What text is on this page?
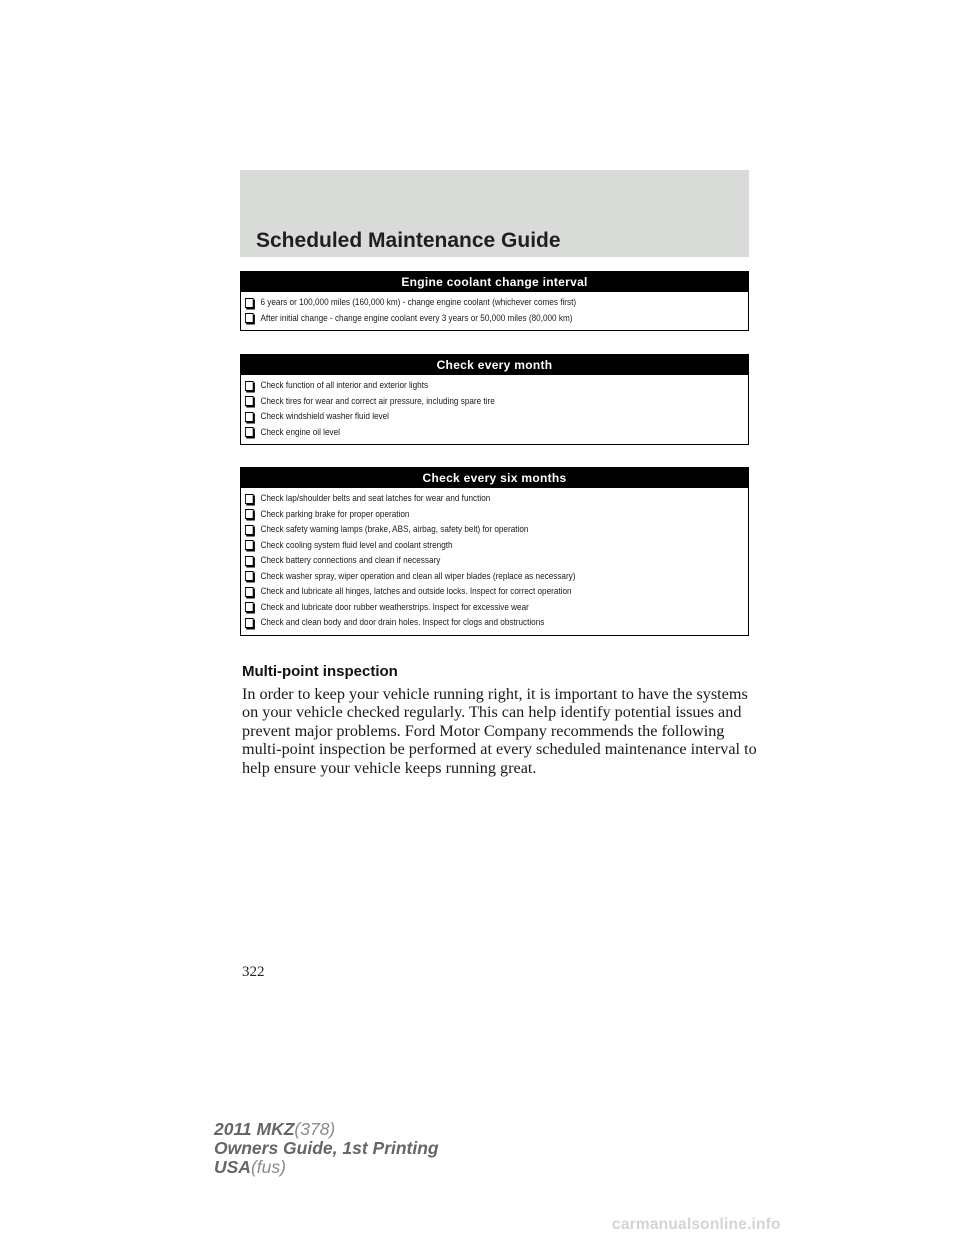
Scheduled Maintenance Guide
Engine coolant change interval
6 years or 100,000 miles (160,000 km) - change engine coolant (whichever comes first)
After initial change - change engine coolant every 3 years or 50,000 miles (80,000 km)
Check every month
Check function of all interior and exterior lights
Check tires for wear and correct air pressure, including spare tire
Check windshield washer fluid level
Check engine oil level
Check every six months
Check lap/shoulder belts and seat latches for wear and function
Check parking brake for proper operation
Check safety warning lamps (brake, ABS, airbag, safety belt) for operation
Check cooling system fluid level and coolant strength
Check battery connections and clean if necessary
Check washer spray, wiper operation and clean all wiper blades (replace as necessary)
Check and lubricate all hinges, latches and outside locks. Inspect for correct operation
Check and lubricate door rubber weatherstrips. Inspect for excessive wear
Check and clean body and door drain holes. Inspect for clogs and obstructions
Multi-point inspection

In order to keep your vehicle running right, it is important to have the systems on your vehicle checked regularly. This can help identify potential issues and prevent major problems. Ford Motor Company recommends the following multi-point inspection be performed at every scheduled maintenance interval to help ensure your vehicle keeps running great.

322
2011 MKZ(378)
Owners Guide, 1st Printing
USA(fus)
carmanualsonline.info
